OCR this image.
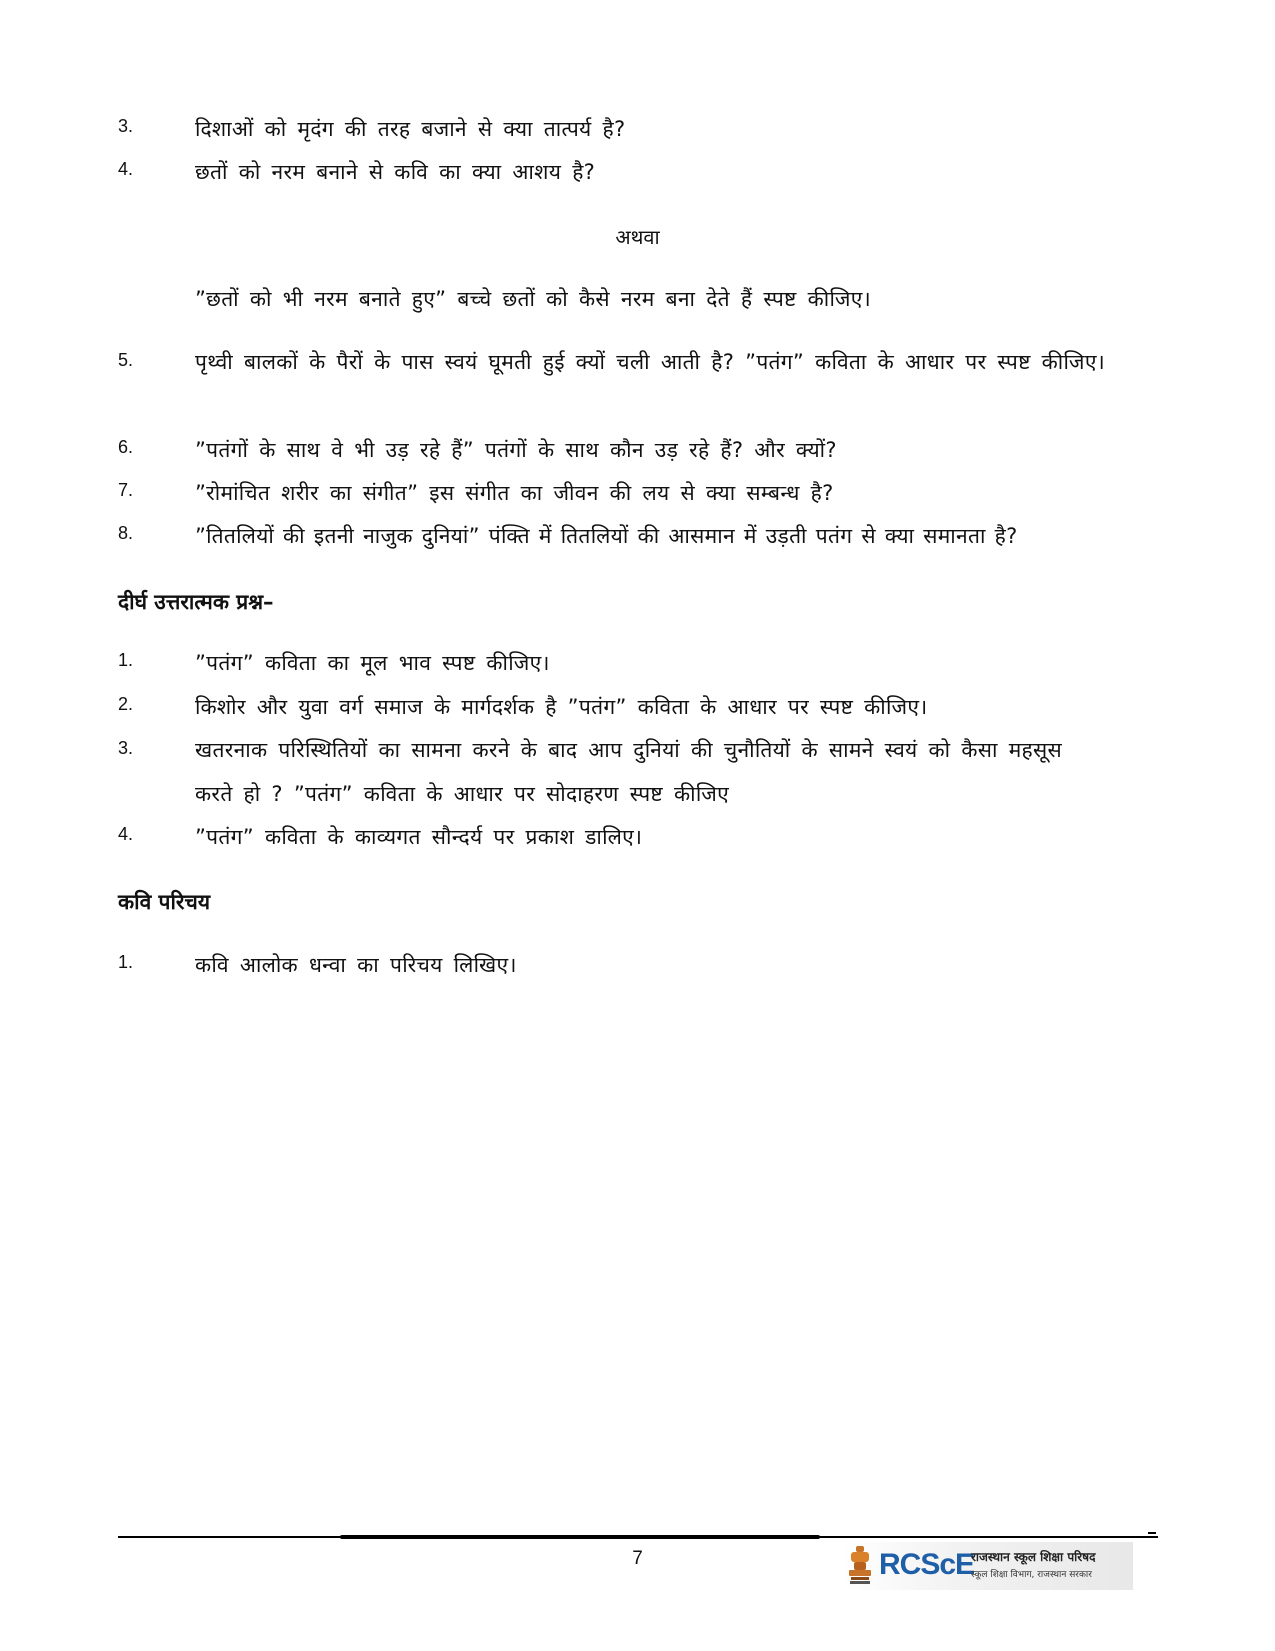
3.	दिशाओं को मृदंग की तरह बजाने से क्या तात्पर्य है?
4.	छतों को नरम बनाने से कवि का क्या आशय है?
अथवा
”छतों को भी नरम बनाते हुए” बच्चे छतों को कैसे नरम बना देते हैं स्पष्ट कीजिए।
5.	पृथ्वी बालकों के पैरों के पास स्वयं घूमती हुई क्यों चली आती है? ”पतंग” कविता के आधार पर स्पष्ट कीजिए।
6.	”पतंगों के साथ वे भी उड़ रहे हैं” पतंगों के साथ कौन उड़ रहे हैं? और क्यों?
7.	”रोमांचित शरीर का संगीत” इस संगीत का जीवन की लय से क्या सम्बन्ध है?
8.	”तितलियों की इतनी नाजुक दुनियां” पंक्ति में तितलियों की आसमान में उड़ती पतंग से क्या समानता है?
दीर्घ उत्तरात्मक प्रश्न–
1.	”पतंग” कविता का मूल भाव स्पष्ट कीजिए।
2.	किशोर और युवा वर्ग समाज के मार्गदर्शक है ”पतंग” कविता के आधार पर स्पष्ट कीजिए।
3.	खतरनाक परिस्थितियों का सामना करने के बाद आप दुनियां की चुनौतियों के सामने स्वयं को कैसा महसूस करते हो ? ”पतंग” कविता के आधार पर सोदाहरण स्पष्ट कीजिए
4.	”पतंग” कविता के काव्यगत सौन्दर्य पर प्रकाश डालिए।
कवि परिचय
1.	कवि आलोक धन्वा का परिचय लिखिए।
7	RCScE
राजस्थान स्कूल शिक्षा परिषद
स्कूल शिक्षा विभाग, राजस्थान सरकार
